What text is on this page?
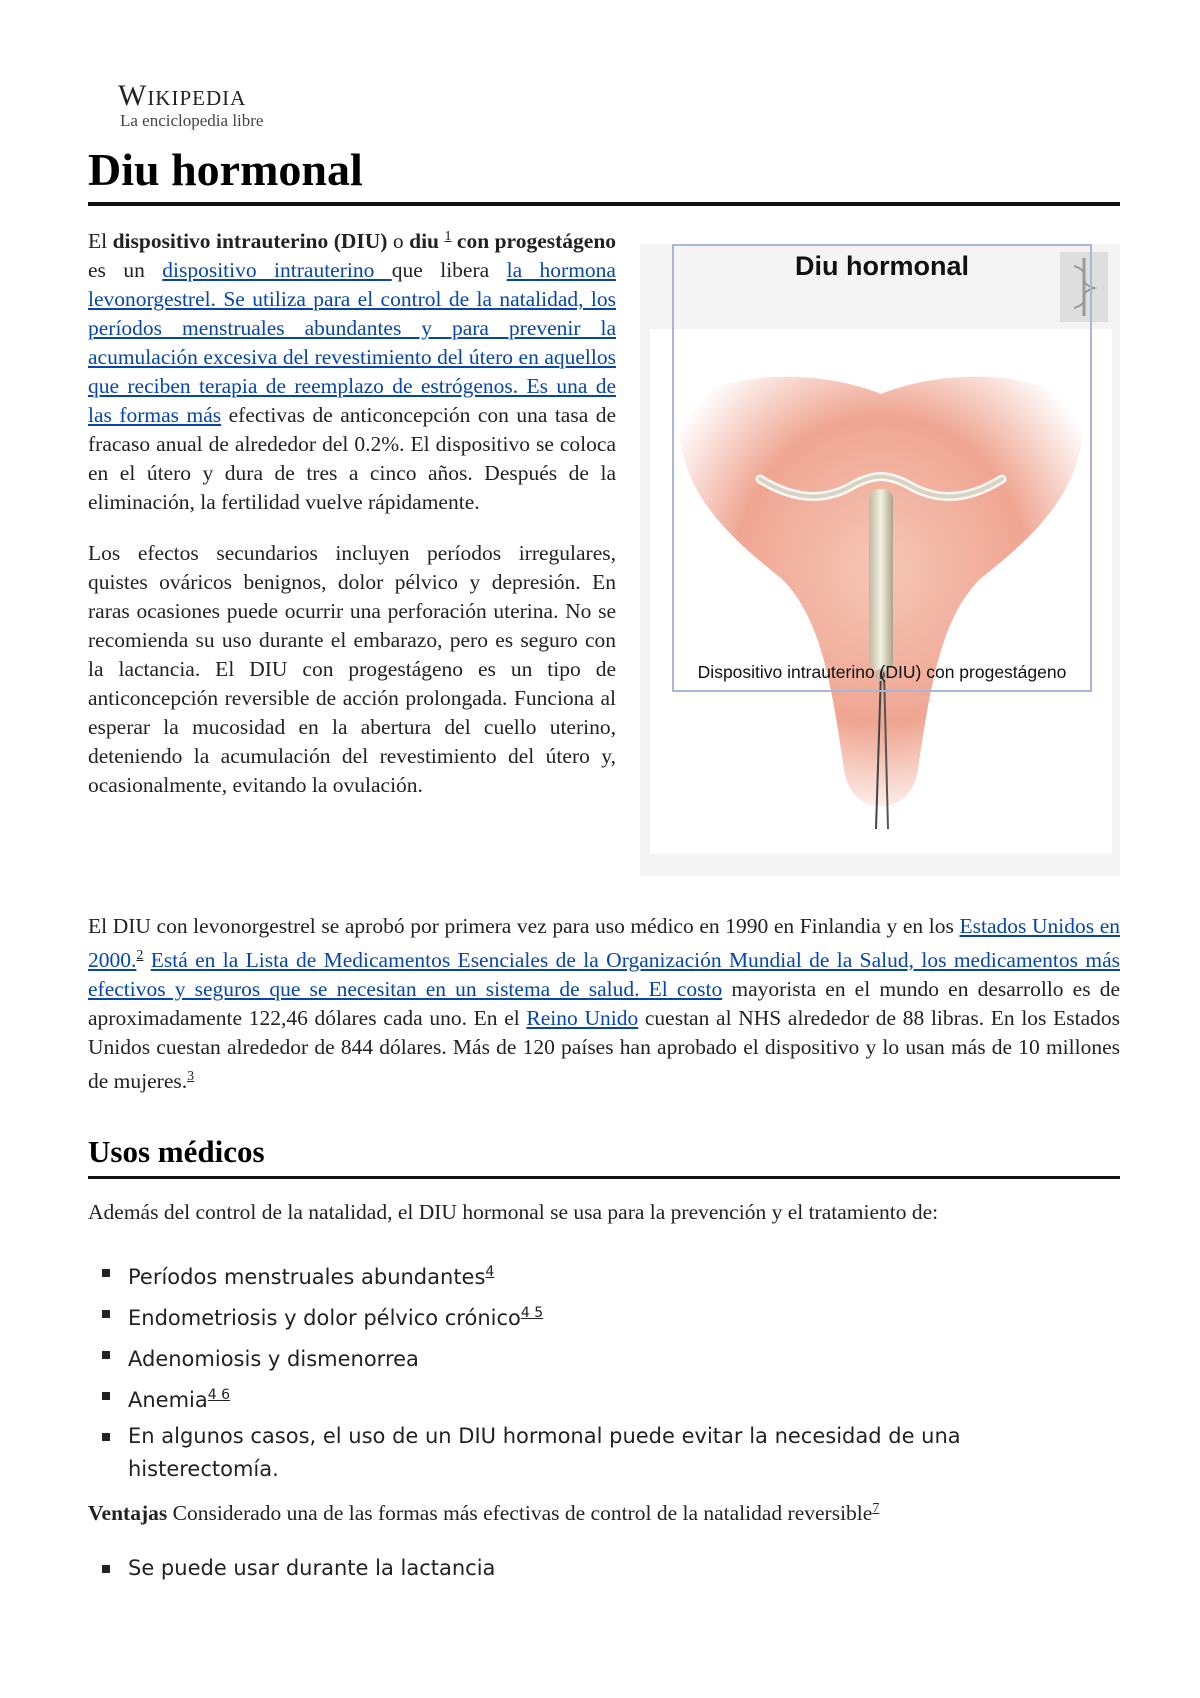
Wikipedia
La enciclopedia libre
Diu hormonal

El dispositivo intrauterino (DIU) o diu $^1$ con progestágeno es un dispositivo intrauterino que libera la hormona levonorgestrel. Se utiliza para el control de la natalidad, los períodos menstruales abundantes y para prevenir la acumulación excesiva del revestimiento del útero en aquellos que reciben terapia de reemplazo de estrógenos. Es una de las formas más efectivas de anticoncepción con una tasa de fracaso anual de alrededor del 0.2%. El dispositivo se coloca en el útero y dura de tres a cinco años. Después de la eliminación, la fertilidad vuelve rápidamente.

Los efectos secundarios incluyen períodos irregulares, quistes ováricos benignos, dolor pélvico y depresión. En raras ocasiones puede ocurrir una perforación uterina. No se recomienda su uso durante el embarazo, pero es seguro con la lactancia. El DIU con progestágeno es un tipo de anticoncepción reversible de acción prolongada. Funciona al esperar la mucosidad en la abertura del cuello uterino, deteniendo la acumulación del revestimiento del útero y, ocasionalmente, evitando la ovulación.

Diu hormonal
Dispositivo intrauterino (DIU) con progestágeno

El DIU con levonorgestrel se aprobó por primera vez para uso médico en 1990 en Finlandia y en los Estados Unidos en 2000.$^2$ Está en la Lista de Medicamentos Esenciales de la Organización Mundial de la Salud, los medicamentos más efectivos y seguros que se necesitan en un sistema de salud. El costo mayorista en el mundo en desarrollo es de aproximadamente 122,46 dólares cada uno. En el Reino Unido cuestan al NHS alrededor de 88 libras. En los Estados Unidos cuestan alrededor de 844 dólares. Más de 120 países han aprobado el dispositivo y lo usan más de 10 millones de mujeres.$^3$

Usos médicos

Además del control de la natalidad, el DIU hormonal se usa para la prevención y el tratamiento de:

Períodos menstruales abundantes$^4$
Endometriosis y dolor pélvico crónico$^{4 5}$
Adenomiosis y dismenorrea
Anemia$^{4 6}$
En algunos casos, el uso de un DIU hormonal puede evitar la necesidad de una histerectomía.

Ventajas Considerado una de las formas más efectivas de control de la natalidad reversible$^7$

Se puede usar durante la lactancia
